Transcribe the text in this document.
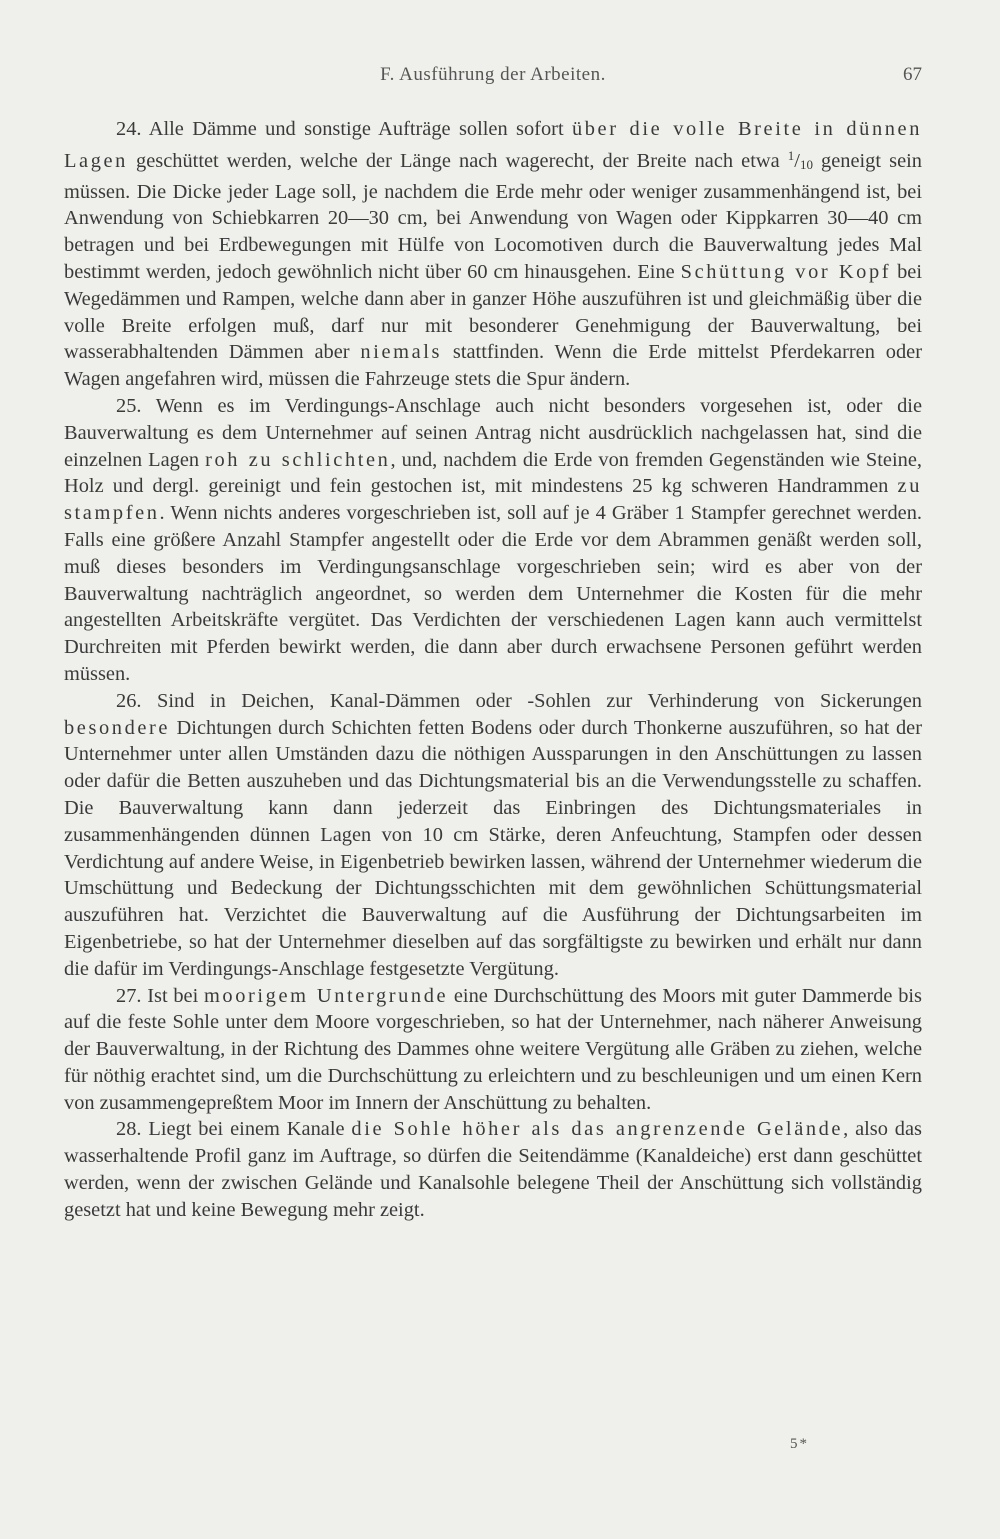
F. Ausführung der Arbeiten.	67

24. Alle Dämme und sonstige Aufträge sollen sofort über die volle Breite in dünnen Lagen geschüttet werden, welche der Länge nach wagerecht, der Breite nach etwa $^1$/10 geneigt sein müssen. Die Dicke jeder Lage soll, je nachdem die Erde mehr oder weniger zusammenhängend ist, bei Anwendung von Schiebkarren 20—30 cm, bei Anwendung von Wagen oder Kippkarren 30—40 cm betragen und bei Erdbewegungen mit Hülfe von Locomotiven durch die Bauverwaltung jedes Mal bestimmt werden, jedoch gewöhnlich nicht über 60 cm hinausgehen. Eine Schüttung vor Kopf bei Wegedämmen und Rampen, welche dann aber in ganzer Höhe auszuführen ist und gleichmäßig über die volle Breite erfolgen muß, darf nur mit besonderer Genehmigung der Bauverwaltung, bei wasserabhaltenden Dämmen aber niemals stattfinden. Wenn die Erde mittelst Pferdekarren oder Wagen angefahren wird, müssen die Fahrzeuge stets die Spur ändern.

25. Wenn es im Verdingungs-Anschlage auch nicht besonders vorgesehen ist, oder die Bauverwaltung es dem Unternehmer auf seinen Antrag nicht ausdrücklich nachgelassen hat, sind die einzelnen Lagen roh zu schlichten, und, nachdem die Erde von fremden Gegenständen wie Steine, Holz und dergl. gereinigt und fein gestochen ist, mit mindestens 25 kg schweren Handrammen zu stampfen. Wenn nichts anderes vorgeschrieben ist, soll auf je 4 Gräber 1 Stampfer gerechnet werden. Falls eine größere Anzahl Stampfer angestellt oder die Erde vor dem Abrammen genäßt werden soll, muß dieses besonders im Verdingungsanschlage vorgeschrieben sein; wird es aber von der Bauverwaltung nachträglich angeordnet, so werden dem Unternehmer die Kosten für die mehr angestellten Arbeitskräfte vergütet. Das Verdichten der verschiedenen Lagen kann auch vermittelst Durchreiten mit Pferden bewirkt werden, die dann aber durch erwachsene Personen geführt werden müssen.

26. Sind in Deichen, Kanal-Dämmen oder -Sohlen zur Verhinderung von Sickerungen besondere Dichtungen durch Schichten fetten Bodens oder durch Thonkerne auszuführen, so hat der Unternehmer unter allen Umständen dazu die nöthigen Aussparungen in den Anschüttungen zu lassen oder dafür die Betten auszuheben und das Dichtungsmaterial bis an die Verwendungsstelle zu schaffen. Die Bauverwaltung kann dann jederzeit das Einbringen des Dichtungsmateriales in zusammenhängenden dünnen Lagen von 10 cm Stärke, deren Anfeuchtung, Stampfen oder dessen Verdichtung auf andere Weise, in Eigenbetrieb bewirken lassen, während der Unternehmer wiederum die Umschüttung und Bedeckung der Dichtungsschichten mit dem gewöhnlichen Schüttungsmaterial auszuführen hat. Verzichtet die Bauverwaltung auf die Ausführung der Dichtungsarbeiten im Eigenbetriebe, so hat der Unternehmer dieselben auf das sorgfältigste zu bewirken und erhält nur dann die dafür im Verdingungs-Anschlage festgesetzte Vergütung.

27. Ist bei moorigem Untergrunde eine Durchschüttung des Moors mit guter Dammerde bis auf die feste Sohle unter dem Moore vorgeschrieben, so hat der Unternehmer, nach näherer Anweisung der Bauverwaltung, in der Richtung des Dammes ohne weitere Vergütung alle Gräben zu ziehen, welche für nöthig erachtet sind, um die Durchschüttung zu erleichtern und zu beschleunigen und um einen Kern von zusammengepreßtem Moor im Innern der Anschüttung zu behalten.

28. Liegt bei einem Kanale die Sohle höher als das angrenzende Gelände, also das wasserhaltende Profil ganz im Auftrage, so dürfen die Seitendämme (Kanaldeiche) erst dann geschüttet werden, wenn der zwischen Gelände und Kanalsohle belegene Theil der Anschüttung sich vollständig gesetzt hat und keine Bewegung mehr zeigt.

5*
